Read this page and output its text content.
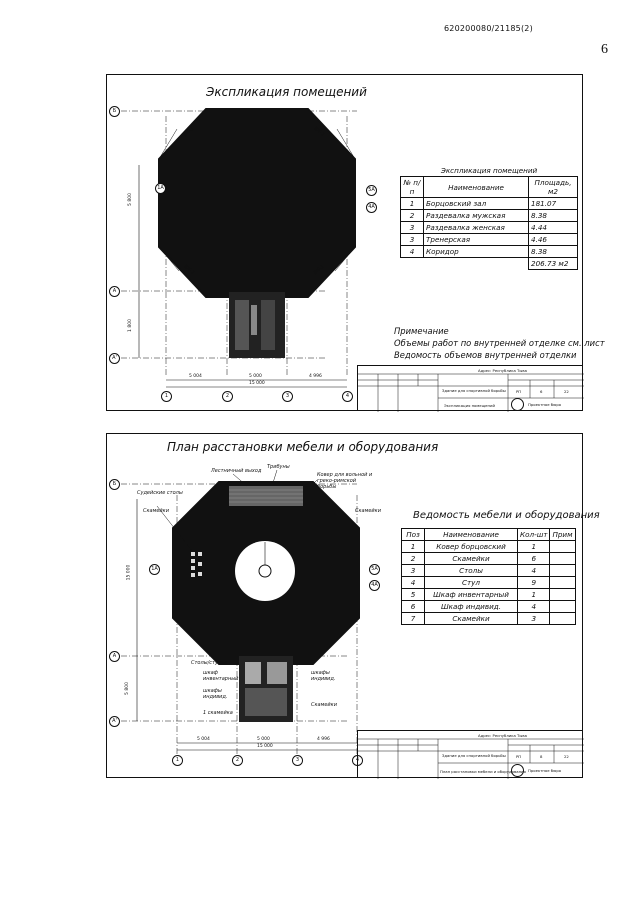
620200080/21185(2)
6
Экспликация помещений
ВК-1	ВК-1
ВК-1	ВК-1
Б
1А	5А
4А
А
А'
1	2	3	4
5 004	5 000	4 996
15 000
5 800
1 800
Экспликация помещений		
№ п/п	Наименование	Площадь, м2
1	Борцовский зал	181.07
2	Раздевалка мужская	8.38
3	Раздевалка женская	4.44
3	Тренерская	4.46
4	Коридор	8.38
		206.73 м2
Примечание
Объемы работ по внутренней отделке см. лист
Ведомость объемов внутренней отделки
Адрес: Республика Тыва
Здание для спортивной борьбы
Экспликация помещений
РП	6	22
Проектное бюро
План расстановки мебели и оборудования
Лестничный выход
Трибуны
Ковер для вольной и греко-римской борьбы
Судейские столы
Скамейки	Скамейки
Столы/стулья
шкаф инвентарный
шкафы индивид.
шкафы индивид.
Скамейки
1 скамейка
Б
1А	5А
4А
А
А'
1	2	3	4
5 004	5 000	4 996
15 000
15 000
5 800
Ведомость мебели и оборудования
Поз	Наименование	Кол-шт	Прим
1	Ковер борцовский	1	
2	Скамейки	6	
3	Столы	4	
4	Стул	9	
5	Шкаф инвентарный	1	
6	Шкаф индивид.	4	
7	Скамейки	3	
Адрес: Республика Тыва
Здание для спортивной борьбы
План расстановки мебели и оборудования
РП	8	22
Проектное бюро
